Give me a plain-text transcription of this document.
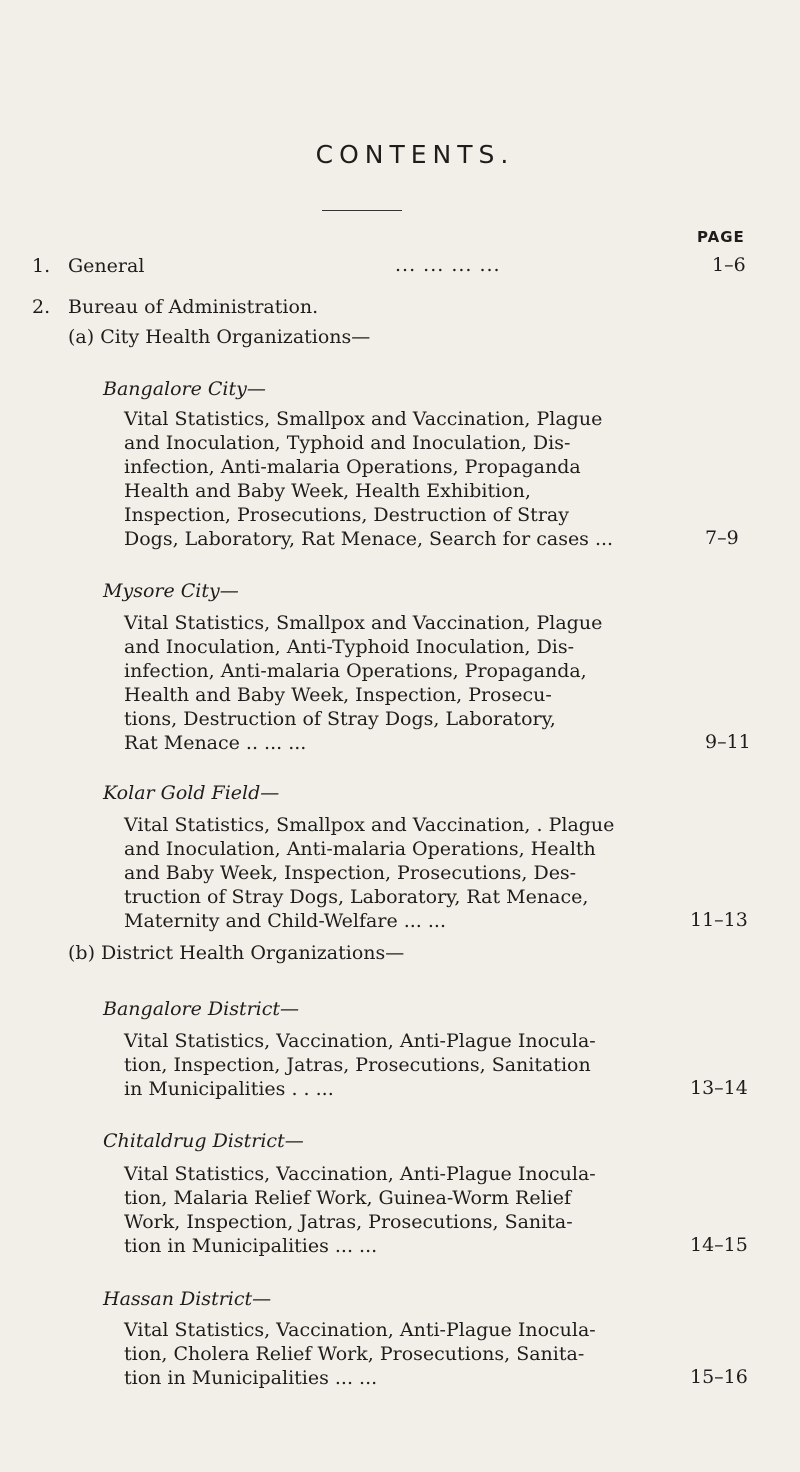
CONTENTS.
PAGE
1. General	... ... ... ...	1–6
2. Bureau of Administration.
(a) City Health Organizations—
Bangalore City—
Vital Statistics, Smallpox and Vaccination, Plague
and Inoculation, Typhoid and Inoculation, Dis-
infection, Anti-malaria Operations, Propaganda
Health and Baby Week, Health Exhibition,
Inspection, Prosecutions, Destruction of Stray
Dogs, Laboratory, Rat Menace, Search for cases ...	7–9
Mysore City—
Vital Statistics, Smallpox and Vaccination, Plague
and Inoculation, Anti-Typhoid Inoculation, Dis-
infection, Anti-malaria Operations, Propaganda,
Health and Baby Week, Inspection, Prosecu-
tions, Destruction of Stray Dogs, Laboratory,
Rat Menace .. ... ...	9–11
Kolar Gold Field—
Vital Statistics, Smallpox and Vaccination, . Plague
and Inoculation, Anti-malaria Operations, Health
and Baby Week, Inspection, Prosecutions, Des-
truction of Stray Dogs, Laboratory, Rat Menace,
Maternity and Child-Welfare ... ...	11–13
(b) District Health Organizations—
Bangalore District—
Vital Statistics, Vaccination, Anti-Plague Inocula-
tion, Inspection, Jatras, Prosecutions, Sanitation
in Municipalities . . ...	13–14
Chitaldrug District—
Vital Statistics, Vaccination, Anti-Plague Inocula-
tion, Malaria Relief Work, Guinea-Worm Relief
Work, Inspection, Jatras, Prosecutions, Sanita-
tion in Municipalities ... ...	14–15
Hassan District—
Vital Statistics, Vaccination, Anti-Plague Inocula-
tion, Cholera Relief Work, Prosecutions, Sanita-
tion in Municipalities ... ...	15–16
